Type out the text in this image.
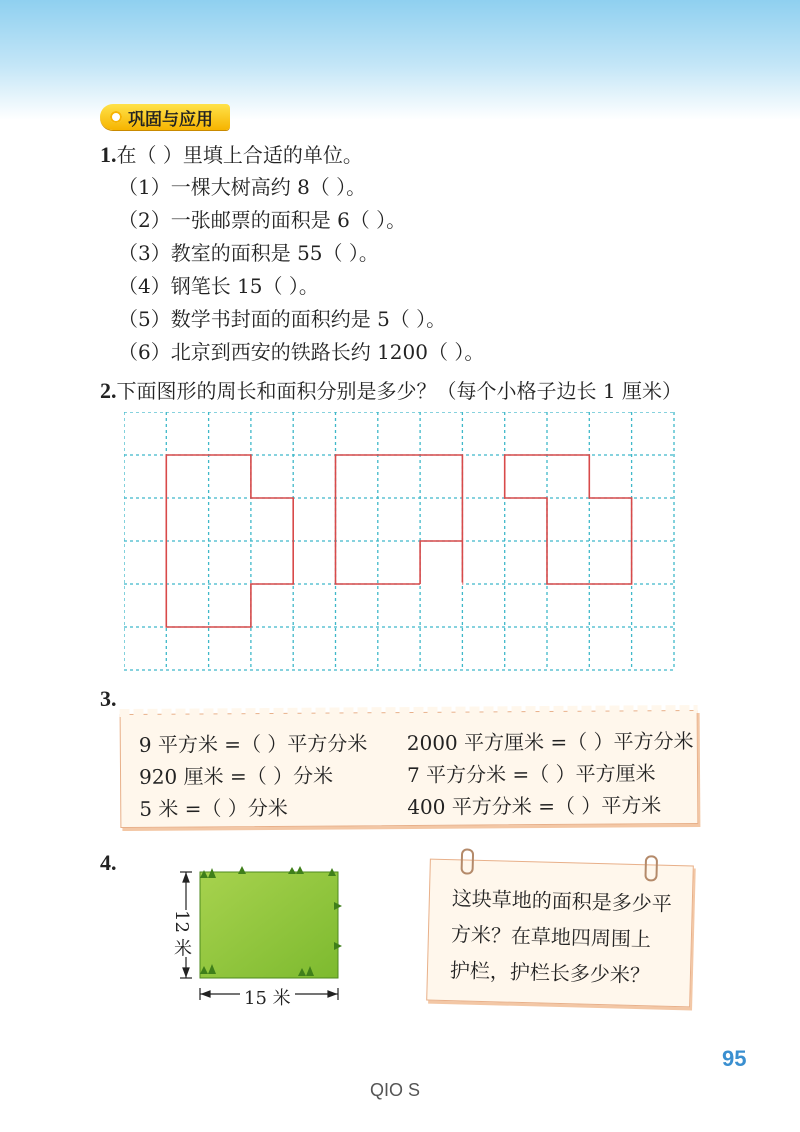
巩固与应用
1.在（ ）里填上合适的单位。
（1）一棵大树高约 8（ ）。
（2）一张邮票的面积是 6（ ）。
（3）教室的面积是 55（ ）。
（4）钢笔长 15（ ）。
（5）数学书封面的面积约是 5（ ）。
（6）北京到西安的铁路长约 1200（ ）。
2.下面图形的周长和面积分别是多少？（每个小格子边长 1 厘米）
3.
9 平方米 =（ ）平方分米
920 厘米 =（ ）分米
5 米 =（ ）分米
2000 平方厘米 =（ ）平方分米
7 平方分米 =（ ）平方厘米
400 平方分米 =（ ）平方米
4.
12 米
15 米
这块草地的面积是多少平
方米？在草地四周围上
护栏，护栏长多少米？
95
QIO S
